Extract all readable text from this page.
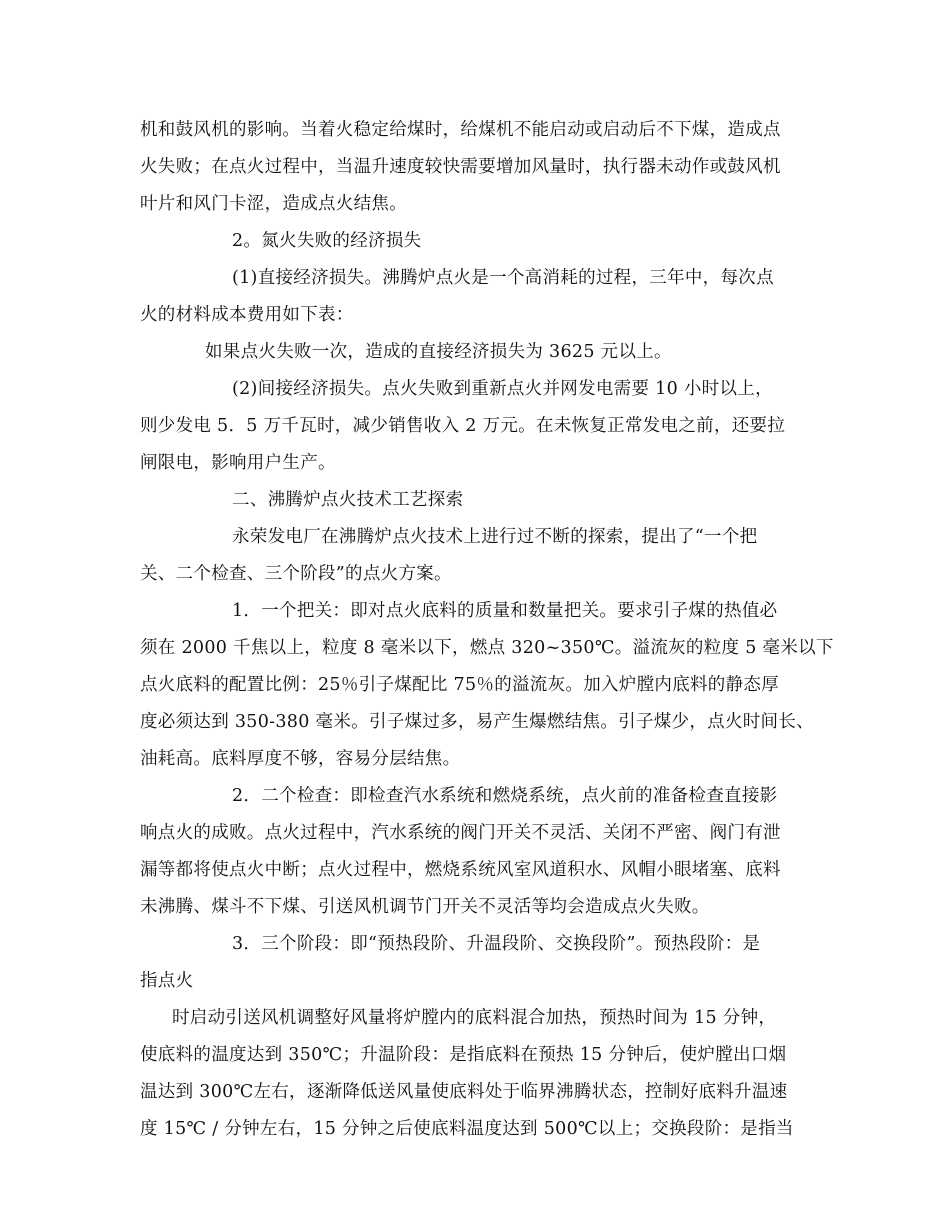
机和鼓风机的影响。当着火稳定给煤时，给煤机不能启动或启动后不下煤，造成点
火失败；在点火过程中，当温升速度较快需要增加风量时，执行器未动作或鼓风机
叶片和风门卡涩，造成点火结焦。
2。氮火失败的经济损失
(1)直接经济损失。沸腾炉点火是一个高消耗的过程，三年中，每次点
火的材料成本费用如下表：
如果点火失败一次，造成的直接经济损失为 3625 元以上。
(2)间接经济损失。点火失败到重新点火并网发电需要 10 小时以上，
则少发电 5．5 万千瓦时，减少销售收入 2 万元。在未恢复正常发电之前，还要拉
闸限电，影响用户生产。
二、沸腾炉点火技术工艺探索
永荣发电厂在沸腾炉点火技术上进行过不断的探索，提出了“一个把
关、二个检查、三个阶段”的点火方案。
1．一个把关：即对点火底料的质量和数量把关。要求引子煤的热值必
须在 2000 千焦以上，粒度 8 毫米以下，燃点 320~350℃。溢流灰的粒度 5 毫米以下
点火底料的配置比例：25％引子煤配比 75％的溢流灰。加入炉膛内底料的静态厚
度必须达到 350-380 毫米。引子煤过多，易产生爆燃结焦。引子煤少，点火时间长、
油耗高。底料厚度不够，容易分层结焦。
2．二个检查：即检查汽水系统和燃烧系统，点火前的准备检查直接影
响点火的成败。点火过程中，汽水系统的阀门开关不灵活、关闭不严密、阀门有泄
漏等都将使点火中断；点火过程中，燃烧系统风室风道积水、风帽小眼堵塞、底料
未沸腾、煤斗不下煤、引送风机调节门开关不灵活等均会造成点火失败。
3．三个阶段：即“预热段阶、升温段阶、交换段阶”。预热段阶：是
指点火
时启动引送风机调整好风量将炉膛内的底料混合加热，预热时间为 15 分钟，
使底料的温度达到 350℃；升温阶段：是指底料在预热 15 分钟后，使炉膛出口烟
温达到 300℃左右，逐渐降低送风量使底料处于临界沸腾状态，控制好底料升温速
度 15℃ / 分钟左右，15 分钟之后使底料温度达到 500℃以上；交换段阶：是指当
